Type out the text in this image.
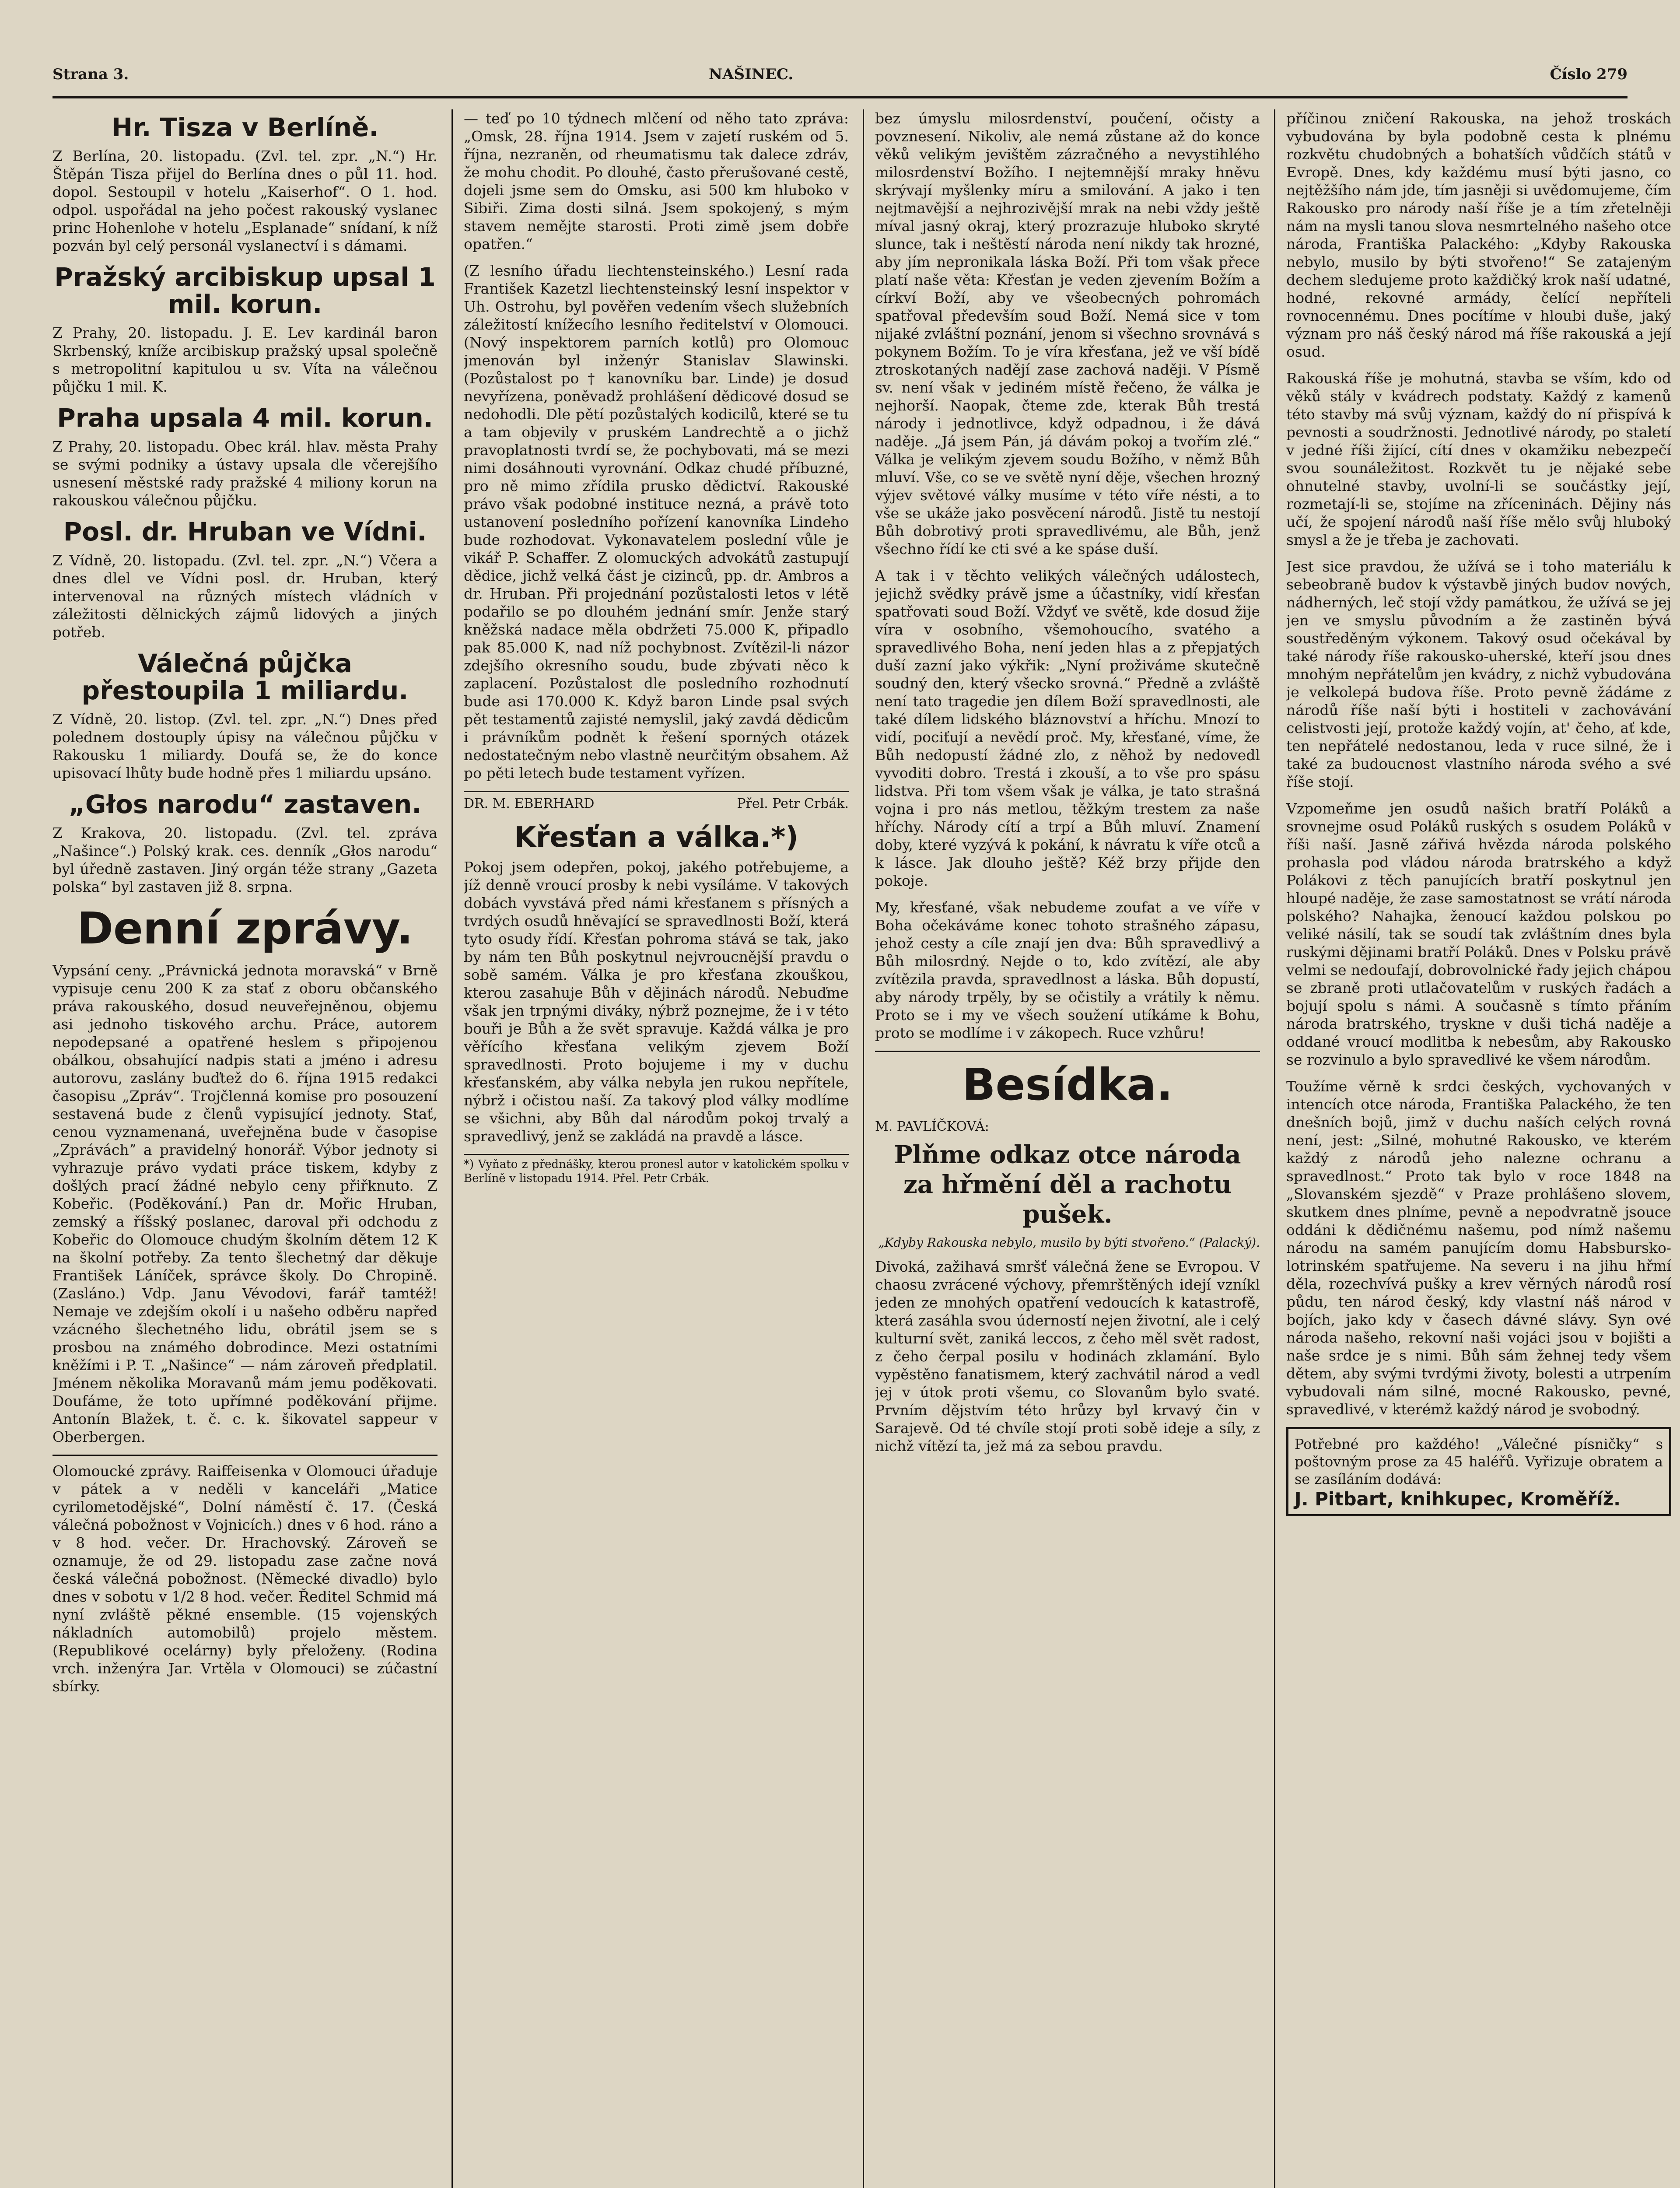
Strana 3.	NAŠINEC.	Číslo 279
Hr. Tisza v Berlíně.
Z Berlína, 20. listopadu. (Zvl. tel. zpr. „N.“) Hr. Štěpán Tisza přijel do Berlína dnes o půl 11. hod. dopol. Sestoupil v hotelu „Kaiserhof“. O 1. hod. odpol. uspořádal na jeho počest rakouský vyslanec princ Hohenlohe v hotelu „Esplanade“ snídaní, k níž pozván byl celý personál vyslanectví i s dámami.
Pražský arcibiskup upsal 1 mil. korun.
Z Prahy, 20. listopadu. J. E. Lev kardinál baron Skrbenský, kníže arcibiskup pražský upsal společně s metropolitní kapitulou u sv. Víta na válečnou půjčku 1 mil. K.
Praha upsala 4 mil. korun.
Z Prahy, 20. listopadu. Obec král. hlav. města Prahy se svými podniky a ústavy upsala dle včerejšího usnesení městské rady pražské 4 miliony korun na rakouskou válečnou půjčku.
Posl. dr. Hruban ve Vídni.
Z Vídně, 20. listopadu. (Zvl. tel. zpr. „N.“) Včera a dnes dlel ve Vídni posl. dr. Hruban, který intervenoval na různých místech vládních v záležitosti dělnických zájmů lidových a jiných potřeb.
Válečná půjčka přestoupila 1 miliardu.
Z Vídně, 20. listop. (Zvl. tel. zpr. „N.“) Dnes před polednem dostouply úpisy na válečnou půjčku v Rakousku 1 miliardy. Doufá se, že do konce upisovací lhůty bude hodně přes 1 miliardu upsáno.
„Głos narodu“ zastaven.
Z Krakova, 20. listopadu. (Zvl. tel. zpráva „Našince“.) Polský krak. ces. denník „Głos narodu“ byl úředně zastaven. Jiný orgán téže strany „Gazeta polska“ byl zastaven již 8. srpna.
Denní zprávy.
Vypsání ceny. „Právnická jednota moravská“ v Brně vypisuje cenu 200 K za stať z oboru občanského práva rakouského, dosud neuveřejněnou, objemu asi jednoho tiskového archu. Práce, autorem nepodepsané a opatřené heslem s připojenou obálkou, obsahující nadpis stati a jméno i adresu autorovu, zaslány buďtež do 6. října 1915 redakci časopisu „Zpráv“. Trojčlenná komise pro posouzení sestavená bude z členů vypisující jednoty. Stať, cenou vyznamenaná, uveřejněna bude v časopise „Zpráváchˮ a pravidelný honorář. Výbor jednoty si vyhrazuje právo vydati práce tiskem, kdyby z došlých prací žádné nebylo ceny přiřknuto. Z Kobeřic. (Poděkování.) Pan dr. Mořic Hruban, zemský a říšský poslanec, daroval při odchodu z Kobeřic do Olomouce chudým školním dětem 12 K na školní potřeby. Za tento šlechetný dar děkuje František Láníček, správce školy. Do Chropině. (Zasláno.) Vdp. Janu Vévodovi, farář tamtéž! Nemaje ve zdejším okolí i u našeho odběru napřed vzácného šlechetného lidu, obrátil jsem se s prosbou na známého dobrodince. Mezi ostatními kněžími i P. T. „Našince“ — nám zároveň předplatil. Jménem několika Moravanů mám jemu poděkovati. Doufáme, že toto upřímné poděkování přijme. Antonín Blažek, t. č. c. k. šikovatel sappeur v Oberbergen.
Olomoucké zprávy. Raiffeisenka v Olomouci úřaduje v pátek a v neděli v kanceláři „Matice cyrilometodějské“, Dolní náměstí č. 17. (Česká válečná pobožnost v Vojnicích.) dnes v 6 hod. ráno a v 8 hod. večer. Dr. Hrachovský. Zároveň se oznamuje, že od 29. listopadu zase začne nová česká válečná pobožnost. (Německé divadlo) bylo dnes v sobotu v 1/2 8 hod. večer. Ředitel Schmid má nyní zvláště pěkné ensemble. (15 vojenských nákladních automobilů) projelo městem. (Republikové ocelárny) byly přeloženy. (Rodina vrch. inženýra Jar. Vrtěla v Olomouci) se zúčastní sbírky.
— teď po 10 týdnech mlčení od něho tato zpráva: „Omsk, 28. října 1914. Jsem v zajetí ruském od 5. října, nezraněn, od rheumatismu tak dalece zdráv, že mohu chodit. Po dlouhé, často přerušované cestě, dojeli jsme sem do Omsku, asi 500 km hluboko v Sibiři. Zima dosti silná. Jsem spokojený, s mým stavem nemějte starosti. Proti zimě jsem dobře opatřen.“
(Z lesního úřadu liechtensteinského.) Lesní rada František Kazetzl liechtensteinský lesní inspektor v Uh. Ostrohu, byl pověřen vedením všech služebních záležitostí knížecího lesního ředitelství v Olomouci. (Nový inspektorem parních kotlů) pro Olomouc jmenován byl inženýr Stanislav Slawinski. (Pozůstalost po † kanovníku bar. Linde) je dosud nevyřízena, poněvadž prohlášení dědicové dosud se nedohodli. Dle pětí pozůstalých kodicilů, které se tu a tam objevily v pruském Landrechtě a o jichž pravoplatnosti tvrdí se, že pochybovati, má se mezi nimi dosáhnouti vyrovnání. Odkaz chudé příbuzné, pro ně mimo zřídila prusko dědictví. Rakouské právo však podobné instituce nezná, a právě toto ustanovení posledního pořízení kanovníka Lindeho bude rozhodovat. Vykonavatelem poslední vůle je vikář P. Schaffer. Z olomuckých advokátů zastupují dědice, jichž velká část je cizinců, pp. dr. Ambros a dr. Hruban. Při projednání pozůstalosti letos v létě podařilo se po dlouhém jednání smír. Jenže starý kněžská nadace měla obdržeti 75.000 K, připadlo pak 85.000 K, nad níž pochybnost. Zvítězil-li názor zdejšího okresního soudu, bude zbývati něco k zaplacení. Pozůstalost dle posledního rozhodnutí bude asi 170.000 K. Když baron Linde psal svých pět testamentů zajisté nemyslil, jaký zavdá dědicům i právníkům podnět k řešení sporných otázek nedostatečným nebo vlastně neurčitým obsahem. Až po pěti letech bude testament vyřízen.
DR. M. EBERHARD	Přel. Petr Crbák.
Křesťan a válka.*)
Pokoj jsem odepřen, pokoj, jakého potřebujeme, a jíž denně vroucí prosby k nebi vysíláme. V takových dobách vyvstává před námi křesťanem s přísných a tvrdých osudů hněvající se spravedlnosti Boží, která tyto osudy řídí. Křesťan pohroma stává se tak, jako by nám ten Bůh poskytnul nejvroucnější pravdu o sobě samém. Válka je pro křesťana zkouškou, kterou zasahuje Bůh v dějinách národů. Nebuďme však jen trpnými diváky, nýbrž poznejme, že i v této bouři je Bůh a že svět spravuje. Každá válka je pro věřícího křesťana velikým zjevem Boží spravedlnosti. Proto bojujeme i my v duchu křesťanském, aby válka nebyla jen rukou nepřítele, nýbrž i očistou naší. Za takový plod války modlíme se všichni, aby Bůh dal národům pokoj trvalý a spravedlivý, jenž se zakládá na pravdě a lásce.
*) Vyňato z přednášky, kterou pronesl autor v katolickém spolku v Berlíně v listopadu 1914. Přel. Petr Crbák.
bez úmyslu milosrdenství, poučení, očisty a povznesení. Nikoliv, ale nemá zůstane až do konce věků velikým jevištěm zázračného a nevystihlého milosrdenství Božího. I nejtemnější mraky hněvu skrývají myšlenky míru a smilování. A jako i ten nejtmavější a nejhrozivější mrak na nebi vždy ještě míval jasný okraj, který prozrazuje hluboko skryté slunce, tak i neštěstí národa není nikdy tak hrozné, aby jím nepronikala láska Boží. Při tom však přece platí naše věta: Křesťan je veden zjevením Božím a církví Boží, aby ve všeobecných pohromách spatřoval především soud Boží. Nemá sice v tom nijaké zvláštní poznání, jenom si všechno srovnává s pokynem Božím. To je víra křesťana, jež ve vší bídě ztroskotaných nadějí zase zachová naději. V Písmě sv. není však v jediném místě řečeno, že válka je nejhorší. Naopak, čteme zde, kterak Bůh trestá národy i jednotlivce, když odpadnou, i že dává naděje. „Já jsem Pán, já dávám pokoj a tvořím zlé.“ Válka je velikým zjevem soudu Božího, v němž Bůh mluví. Vše, co se ve světě nyní děje, všechen hrozný výjev světové války musíme v této víře nésti, a to vše se ukáže jako posvěcení národů. Jistě tu nestojí Bůh dobrotivý proti spravedlivému, ale Bůh, jenž všechno řídí ke cti své a ke spáse duší.
A tak i v těchto velikých válečných událostech, jejichž svědky právě jsme a účastníky, vidí křesťan spatřovati soud Boží. Vždyť ve světě, kde dosud žije víra v osobního, všemohoucího, svatého a spravedlivého Boha, není jeden hlas a z přepjatých duší zazní jako výkřik: „Nyní proživáme skutečně soudný den, který všecko srovná.“ Předně a zvláště není tato tragedie jen dílem Boží spravedlnosti, ale také dílem lidského bláznovství a hříchu. Mnozí to vidí, pociťují a nevědí proč. My, křesťané, víme, že Bůh nedopustí žádné zlo, z něhož by nedovedl vyvoditi dobro. Trestá i zkouší, a to vše pro spásu lidstva. Při tom všem však je válka, je tato strašná vojna i pro nás metlou, těžkým trestem za naše hříchy. Národy cítí a trpí a Bůh mluví. Znamení doby, které vyzývá k pokání, k návratu k víře otců a k lásce. Jak dlouho ještě? Kéž brzy přijde den pokoje.
My, křesťané, však nebudeme zoufat a ve víře v Boha očekáváme konec tohoto strašného zápasu, jehož cesty a cíle znají jen dva: Bůh spravedlivý a Bůh milosrdný. Nejde o to, kdo zvítězí, ale aby zvítězila pravda, spravedlnost a láska. Bůh dopustí, aby národy trpěly, by se očistily a vrátily k němu. Proto se i my ve všech soužení utíkáme k Bohu, proto se modlíme i v zákopech. Ruce vzhůru!
Besídka.
M. PAVLÍČKOVÁ:
Plňme odkaz otce národa za hřmění děl a rachotu pušek.
„Kdyby Rakouska nebylo, musilo by býti stvořeno.“ (Palacký).
Divoká, zažihavá smršť válečná žene se Evropou. V chaosu zvrácené výchovy, přemrštěných idejí vzníkl jeden ze mnohých opatření vedoucích k katastrofě, která zasáhla svou úderností nejen životní, ale i celý kulturní svět, zaniká leccos, z čeho měl svět radost, z čeho čerpal posilu v hodinách zklamání. Bylo vypěstěno fanatismem, který zachvátil národ a vedl jej v útok proti všemu, co Slovanům bylo svaté. Prvním dějstvím této hrůzy byl krvavý čin v Sarajevě. Od té chvíle stojí proti sobě ideje a síly, z nichž vítězí ta, jež má za sebou pravdu.
příčinou zničení Rakouska, na jehož troskách vybudována by byla podobně cesta k plnému rozkvětu chudobných a bohatších vůdčích států v Evropě. Dnes, kdy každému musí býti jasno, co nejtěžšího nám jde, tím jasněji si uvědomujeme, čím Rakousko pro národy naší říše je a tím zřetelněji nám na mysli tanou slova nesmrtelného našeho otce národa, Františka Palackého: „Kdyby Rakouska nebylo, musilo by býti stvořeno!“ Se zatajeným dechem sledujeme proto každičký krok naší udatné, hodné, rekovné armády, čelící nepříteli rovnocennému. Dnes pocítíme v hloubi duše, jaký význam pro náš český národ má říše rakouská a její osud.
Rakouská říše je mohutná, stavba se vším, kdo od věků stály v kvádrech podstaty. Každý z kamenů této stavby má svůj význam, každý do ní přispívá k pevnosti a soudržnosti. Jednotlivé národy, po staletí v jedné říši žijící, cítí dnes v okamžiku nebezpečí svou sounáležitost. Rozkvět tu je nějaké sebe ohnutelné stavby, uvolní-li se součástky její, rozmetají-li se, stojíme na zříceninách. Dějiny nás učí, že spojení národů naší říše mělo svůj hluboký smysl a že je třeba je zachovati.
Jest sice pravdou, že užívá se i toho materiálu k sebeobraně budov k výstavbě jiných budov nových, nádherných, leč stojí vždy památkou, že užívá se jej jen ve smyslu původním a že zastiněn bývá soustředěným výkonem. Takový osud očekával by také národy říše rakousko-uherské, kteří jsou dnes mnohým nepřátelům jen kvádry, z nichž vybudována je velkolepá budova říše. Proto pevně žádáme z národů říše naší býti i hostiteli v zachovávání celistvosti její, protože každý vojín, at' čeho, ať kde, ten nepřátelé nedostanou, leda v ruce silné, že i také za budoucnost vlastního národa svého a své říše stojí.
Vzpomeňme jen osudů našich bratří Poláků a srovnejme osud Poláků ruských s osudem Poláků v říši naší. Jasně zářivá hvězda národa polského prohasla pod vládou národa bratrského a když Polákovi z těch panujících bratří poskytnul jen hloupé naděje, že zase samostatnost se vrátí národa polského? Nahajka, ženoucí každou polskou po veliké násilí, tak se soudí tak zvláštním dnes byla ruskými dějinami bratří Poláků. Dnes v Polsku právě velmi se nedoufají, dobrovolnické řady jejich chápou se zbraně proti utlačovatelům v ruských řadách a bojují spolu s námi. A současně s tímto přáním národa bratrského, tryskne v duši tichá naděje a oddané vroucí modlitba k nebesům, aby Rakousko se rozvinulo a bylo spravedlivé ke všem národům.
Toužíme věrně k srdci českých, vychovaných v intencích otce národa, Františka Palackého, že ten dnešních bojů, jimž v duchu naších celých rovná není, jest: „Silné, mohutné Rakousko, ve kterém každý z národů jeho nalezne ochranu a spravedlnost.“ Proto tak bylo v roce 1848 na „Slovanském sjezdě“ v Praze prohlášeno slovem, skutkem dnes plníme, pevně a nepodvratně jsouce oddáni k dědičnému našemu, pod nímž našemu národu na samém panujícím domu Habsbursko-lotrinském spatřujeme. Na severu i na jihu hřmí děla, rozechvívá pušky a krev věrných národů rosí půdu, ten národ český, kdy vlastní náš národ v bojích, jako kdy v časech dávné slávy. Syn ové národa našeho, rekovní naši vojáci jsou v bojišti a naše srdce je s nimi. Bůh sám žehnej tedy všem dětem, aby svými tvrdými životy, bolesti a utrpením vybudovali nám silné, mocné Rakousko, pevné, spravedlivé, v kterémž každý národ je svobodný.
Potřebné pro každého! „Válečné písničky“ s poštovným prose za 45 haléřů. Vyřizuje obratem a se zasíláním dodává:
J. Pitbart, knihkupec, Kroměříž.
